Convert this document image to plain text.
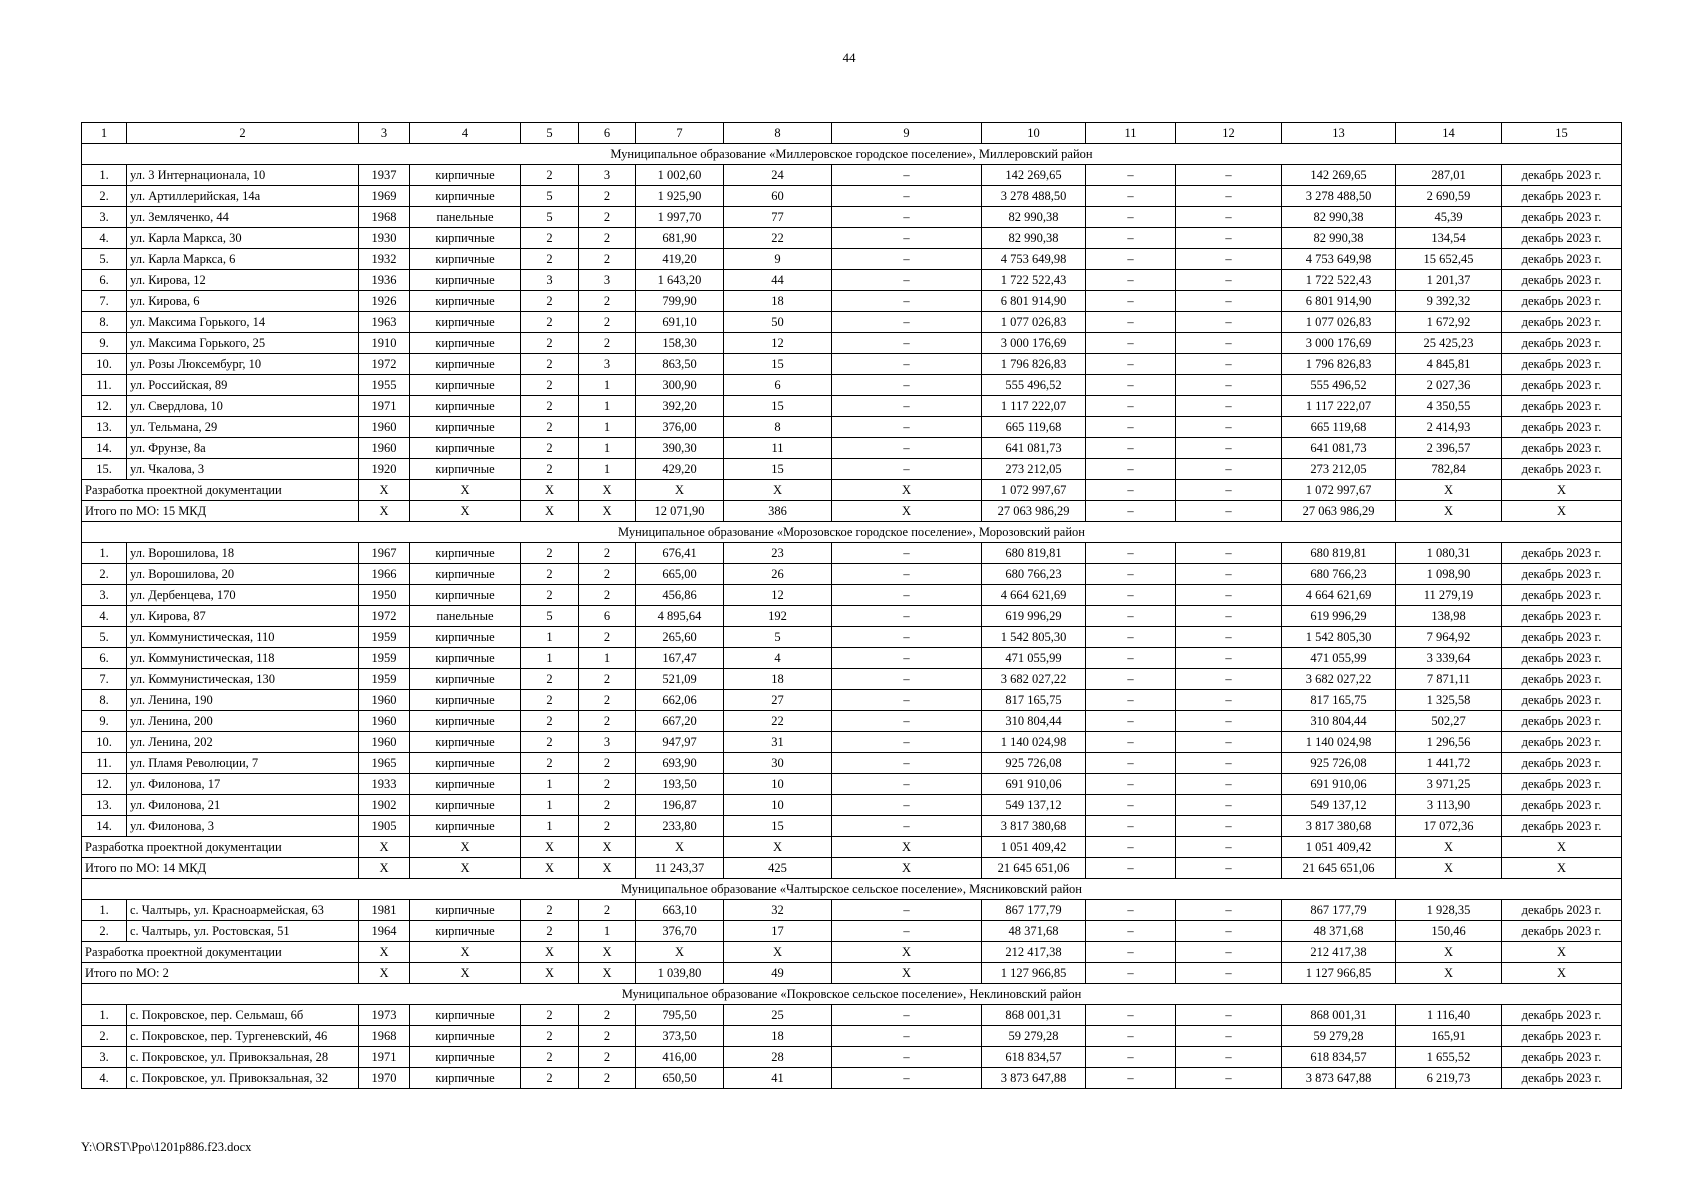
44
1	2	3	4	5	6	7	8	9	10	11	12	13	14	15
Муниципальное образование «Миллеровское городское поселение», Миллеровский район														
1.	ул. 3 Интернационала, 10	1937	кирпичные	2	3	1 002,60	24	–	142 269,65	–	–	142 269,65	287,01	декабрь 2023 г.
2.	ул. Артиллерийская, 14а	1969	кирпичные	5	2	1 925,90	60	–	3 278 488,50	–	–	3 278 488,50	2 690,59	декабрь 2023 г.
3.	ул. Земляченко, 44	1968	панельные	5	2	1 997,70	77	–	82 990,38	–	–	82 990,38	45,39	декабрь 2023 г.
4.	ул. Карла Маркса, 30	1930	кирпичные	2	2	681,90	22	–	82 990,38	–	–	82 990,38	134,54	декабрь 2023 г.
5.	ул. Карла Маркса, 6	1932	кирпичные	2	2	419,20	9	–	4 753 649,98	–	–	4 753 649,98	15 652,45	декабрь 2023 г.
6.	ул. Кирова, 12	1936	кирпичные	3	3	1 643,20	44	–	1 722 522,43	–	–	1 722 522,43	1 201,37	декабрь 2023 г.
7.	ул. Кирова, 6	1926	кирпичные	2	2	799,90	18	–	6 801 914,90	–	–	6 801 914,90	9 392,32	декабрь 2023 г.
8.	ул. Максима Горького, 14	1963	кирпичные	2	2	691,10	50	–	1 077 026,83	–	–	1 077 026,83	1 672,92	декабрь 2023 г.
9.	ул. Максима Горького, 25	1910	кирпичные	2	2	158,30	12	–	3 000 176,69	–	–	3 000 176,69	25 425,23	декабрь 2023 г.
10.	ул. Розы Люксембург, 10	1972	кирпичные	2	3	863,50	15	–	1 796 826,83	–	–	1 796 826,83	4 845,81	декабрь 2023 г.
11.	ул. Российская, 89	1955	кирпичные	2	1	300,90	6	–	555 496,52	–	–	555 496,52	2 027,36	декабрь 2023 г.
12.	ул. Свердлова, 10	1971	кирпичные	2	1	392,20	15	–	1 117 222,07	–	–	1 117 222,07	4 350,55	декабрь 2023 г.
13.	ул. Тельмана, 29	1960	кирпичные	2	1	376,00	8	–	665 119,68	–	–	665 119,68	2 414,93	декабрь 2023 г.
14.	ул. Фрунзе, 8а	1960	кирпичные	2	1	390,30	11	–	641 081,73	–	–	641 081,73	2 396,57	декабрь 2023 г.
15.	ул. Чкалова, 3	1920	кирпичные	2	1	429,20	15	–	273 212,05	–	–	273 212,05	782,84	декабрь 2023 г.
Разработка проектной документации		X	X	X	X	X	X	X	1 072 997,67	–	–	1 072 997,67	X	X
Итого по МО: 15 МКД		X	X	X	X	12 071,90	386	X	27 063 986,29	–	–	27 063 986,29	X	X
Муниципальное образование «Морозовское городское поселение», Морозовский район														
1.	ул. Ворошилова, 18	1967	кирпичные	2	2	676,41	23	–	680 819,81	–	–	680 819,81	1 080,31	декабрь 2023 г.
2.	ул. Ворошилова, 20	1966	кирпичные	2	2	665,00	26	–	680 766,23	–	–	680 766,23	1 098,90	декабрь 2023 г.
3.	ул. Дербенцева, 170	1950	кирпичные	2	2	456,86	12	–	4 664 621,69	–	–	4 664 621,69	11 279,19	декабрь 2023 г.
4.	ул. Кирова, 87	1972	панельные	5	6	4 895,64	192	–	619 996,29	–	–	619 996,29	138,98	декабрь 2023 г.
5.	ул. Коммунистическая, 110	1959	кирпичные	1	2	265,60	5	–	1 542 805,30	–	–	1 542 805,30	7 964,92	декабрь 2023 г.
6.	ул. Коммунистическая, 118	1959	кирпичные	1	1	167,47	4	–	471 055,99	–	–	471 055,99	3 339,64	декабрь 2023 г.
7.	ул. Коммунистическая, 130	1959	кирпичные	2	2	521,09	18	–	3 682 027,22	–	–	3 682 027,22	7 871,11	декабрь 2023 г.
8.	ул. Ленина, 190	1960	кирпичные	2	2	662,06	27	–	817 165,75	–	–	817 165,75	1 325,58	декабрь 2023 г.
9.	ул. Ленина, 200	1960	кирпичные	2	2	667,20	22	–	310 804,44	–	–	310 804,44	502,27	декабрь 2023 г.
10.	ул. Ленина, 202	1960	кирпичные	2	3	947,97	31	–	1 140 024,98	–	–	1 140 024,98	1 296,56	декабрь 2023 г.
11.	ул. Пламя Революции, 7	1965	кирпичные	2	2	693,90	30	–	925 726,08	–	–	925 726,08	1 441,72	декабрь 2023 г.
12.	ул. Филонова, 17	1933	кирпичные	1	2	193,50	10	–	691 910,06	–	–	691 910,06	3 971,25	декабрь 2023 г.
13.	ул. Филонова, 21	1902	кирпичные	1	2	196,87	10	–	549 137,12	–	–	549 137,12	3 113,90	декабрь 2023 г.
14.	ул. Филонова, 3	1905	кирпичные	1	2	233,80	15	–	3 817 380,68	–	–	3 817 380,68	17 072,36	декабрь 2023 г.
Разработка проектной документации		X	X	X	X	X	X	X	1 051 409,42	–	–	1 051 409,42	X	X
Итого по МО: 14 МКД		X	X	X	X	11 243,37	425	X	21 645 651,06	–	–	21 645 651,06	X	X
Муниципальное образование «Чалтырское сельское поселение», Мясниковский район														
1.	с. Чалтырь, ул. Красноармейская, 63	1981	кирпичные	2	2	663,10	32	–	867 177,79	–	–	867 177,79	1 928,35	декабрь 2023 г.
2.	с. Чалтырь, ул. Ростовская, 51	1964	кирпичные	2	1	376,70	17	–	48 371,68	–	–	48 371,68	150,46	декабрь 2023 г.
Разработка проектной документации		X	X	X	X	X	X	X	212 417,38	–	–	212 417,38	X	X
Итого по МО: 2		X	X	X	X	1 039,80	49	X	1 127 966,85	–	–	1 127 966,85	X	X
Муниципальное образование «Покровское сельское поселение», Неклиновский район														
1.	с. Покровское, пер. Сельмаш, 6б	1973	кирпичные	2	2	795,50	25	–	868 001,31	–	–	868 001,31	1 116,40	декабрь 2023 г.
2.	с. Покровское, пер. Тургеневский, 46	1968	кирпичные	2	2	373,50	18	–	59 279,28	–	–	59 279,28	165,91	декабрь 2023 г.
3.	с. Покровское, ул. Привокзальная, 28	1971	кирпичные	2	2	416,00	28	–	618 834,57	–	–	618 834,57	1 655,52	декабрь 2023 г.
4.	с. Покровское, ул. Привокзальная, 32	1970	кирпичные	2	2	650,50	41	–	3 873 647,88	–	–	3 873 647,88	6 219,73	декабрь 2023 г.
Y:\ORST\Ppo\1201p886.f23.docx
